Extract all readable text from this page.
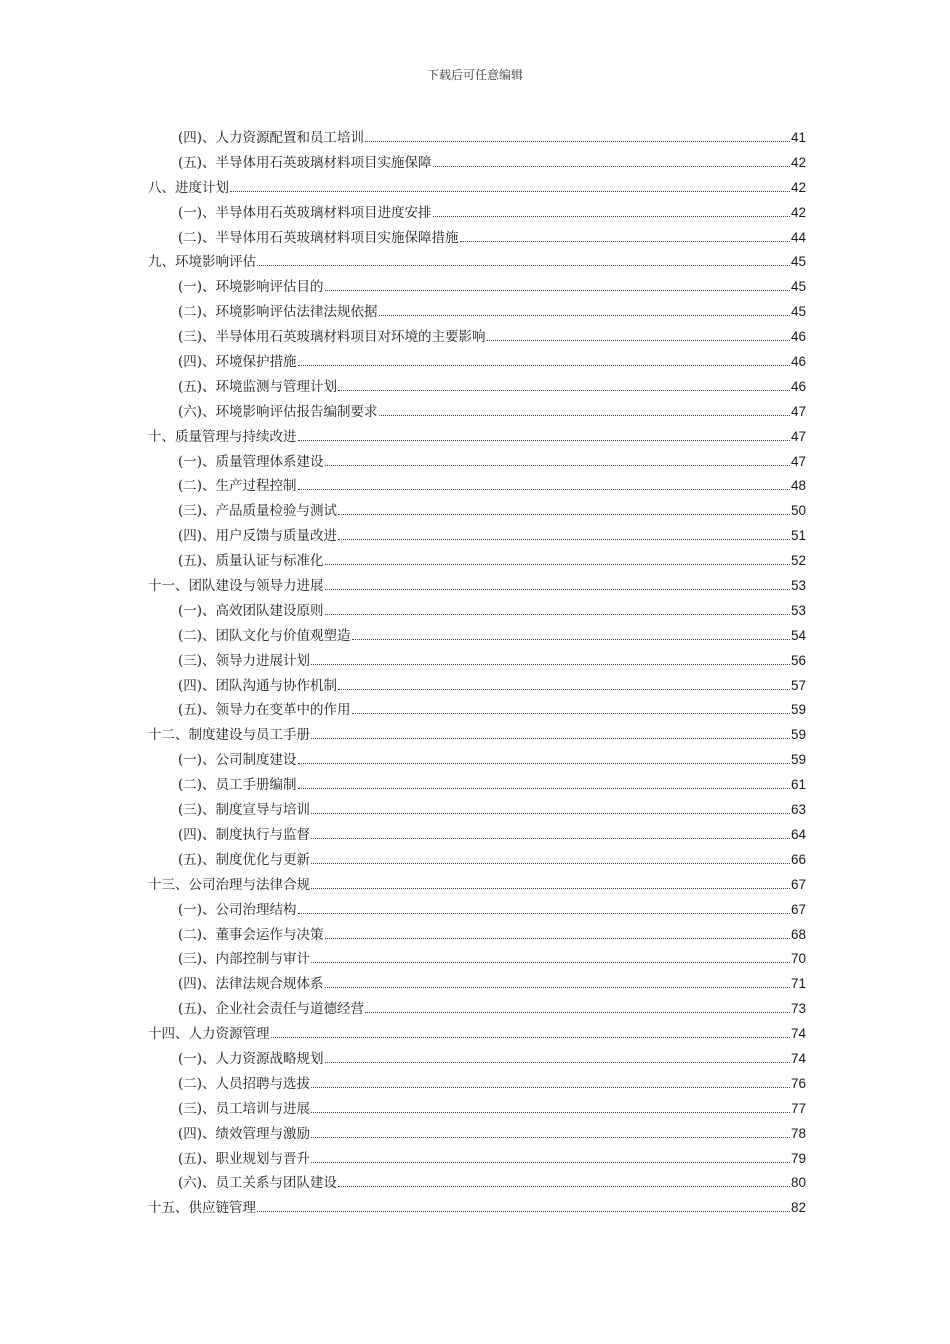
下载后可任意编辑
(四)、人力资源配置和员工培训	41
(五)、半导体用石英玻璃材料项目实施保障	42
八、进度计划	42
(一)、半导体用石英玻璃材料项目进度安排	42
(二)、半导体用石英玻璃材料项目实施保障措施	44
九、环境影响评估	45
(一)、环境影响评估目的	45
(二)、环境影响评估法律法规依据	45
(三)、半导体用石英玻璃材料项目对环境的主要影响	46
(四)、环境保护措施	46
(五)、环境监测与管理计划	46
(六)、环境影响评估报告编制要求	47
十、质量管理与持续改进	47
(一)、质量管理体系建设	47
(二)、生产过程控制	48
(三)、产品质量检验与测试	50
(四)、用户反馈与质量改进	51
(五)、质量认证与标准化	52
十一、团队建设与领导力进展	53
(一)、高效团队建设原则	53
(二)、团队文化与价值观塑造	54
(三)、领导力进展计划	56
(四)、团队沟通与协作机制	57
(五)、领导力在变革中的作用	59
十二、制度建设与员工手册	59
(一)、公司制度建设	59
(二)、员工手册编制	61
(三)、制度宣导与培训	63
(四)、制度执行与监督	64
(五)、制度优化与更新	66
十三、公司治理与法律合规	67
(一)、公司治理结构	67
(二)、董事会运作与决策	68
(三)、内部控制与审计	70
(四)、法律法规合规体系	71
(五)、企业社会责任与道德经营	73
十四、人力资源管理	74
(一)、人力资源战略规划	74
(二)、人员招聘与选拔	76
(三)、员工培训与进展	77
(四)、绩效管理与激励	78
(五)、职业规划与晋升	79
(六)、员工关系与团队建设	80
十五、供应链管理	82
